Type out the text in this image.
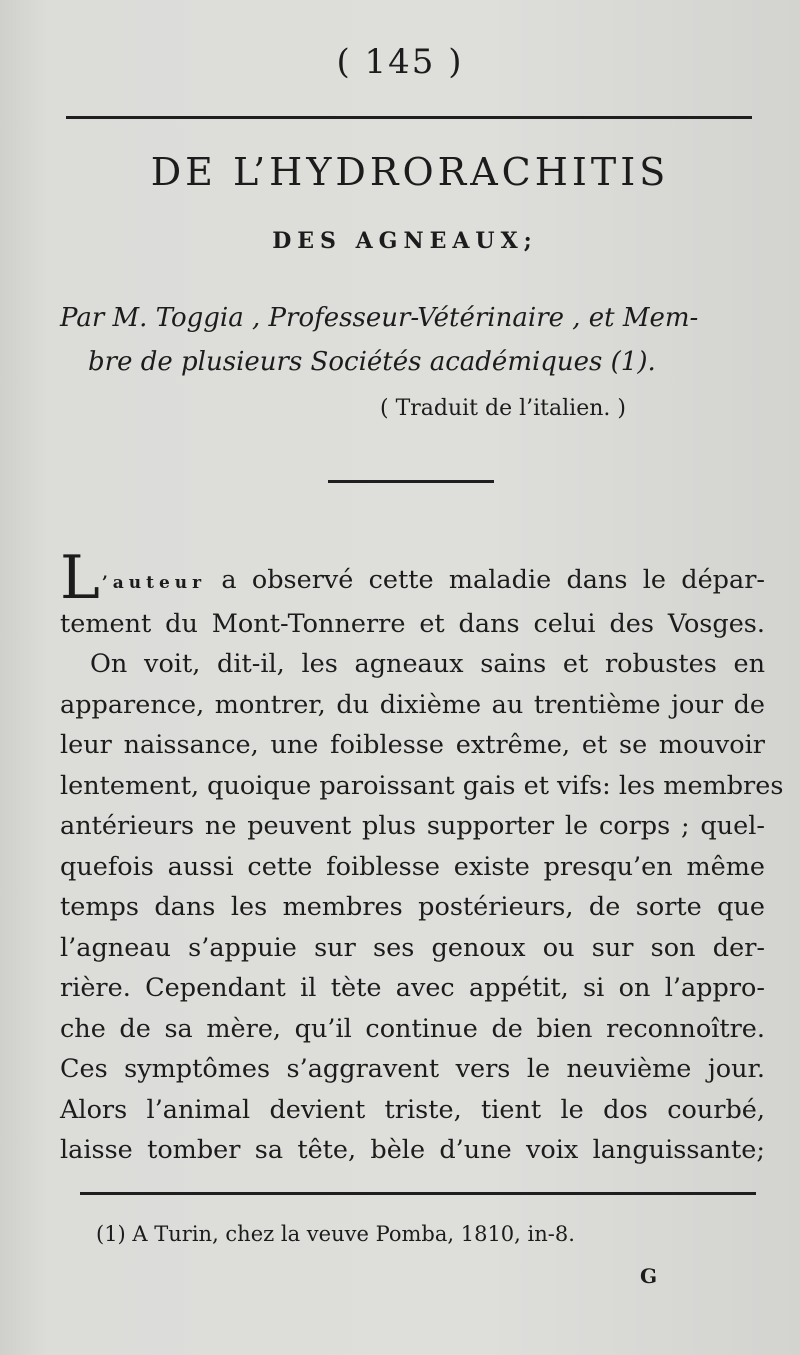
( 145 )
DE L’HYDRORACHITIS
DES AGNEAUX;
Par M. Toggia , Professeur-Vétérinaire , et Mem-
bre de plusieurs Sociétés académiques (1).
( Traduit de l’italien. )
L ’auteur a observé cette maladie dans le dépar-
tement du Mont-Tonnerre et dans celui des Vosges.
On voit, dit-il, les agneaux sains et robustes en
apparence, montrer, du dixième au trentième jour de
leur naissance, une foiblesse extrême, et se mouvoir
lentement, quoique paroissant gais et vifs: les membres
antérieurs ne peuvent plus supporter le corps ; quel-
quefois aussi cette foiblesse existe presqu’en même
temps dans les membres postérieurs, de sorte que
l’agneau s’appuie sur ses genoux ou sur son der-
rière. Cependant il tète avec appétit, si on l’appro-
che de sa mère, qu’il continue de bien reconnoître.
Ces symptômes s’aggravent vers le neuvième jour.
Alors l’animal devient triste, tient le dos courbé,
laisse tomber sa tête, bèle d’une voix languissante;
(1) A Turin, chez la veuve Pomba, 1810, in-8.
G
